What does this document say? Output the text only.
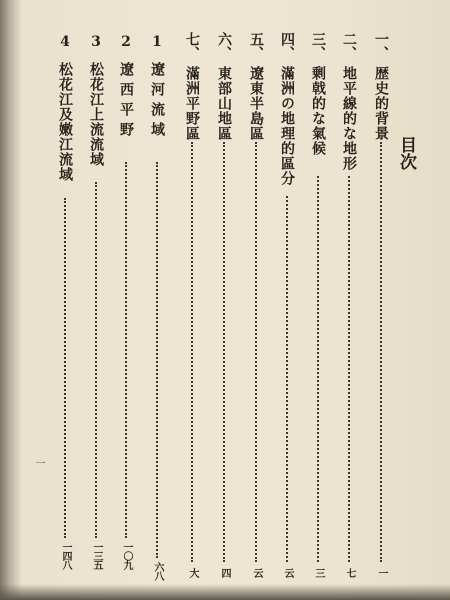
目次
一、
歴史的背景
一
二、
地平線的な地形
七
三、
剰戟的な氣候
三
四、
滿洲の地理的區分
云
五、
遼東半島區
云
六、
東部山地區
四
七、
滿洲平野區
大
1
遼河流域
六八
2
遼西平野
一〇九
3
松花江上流流域
一三五
4
松花江及嫩江流域
一四八
一
